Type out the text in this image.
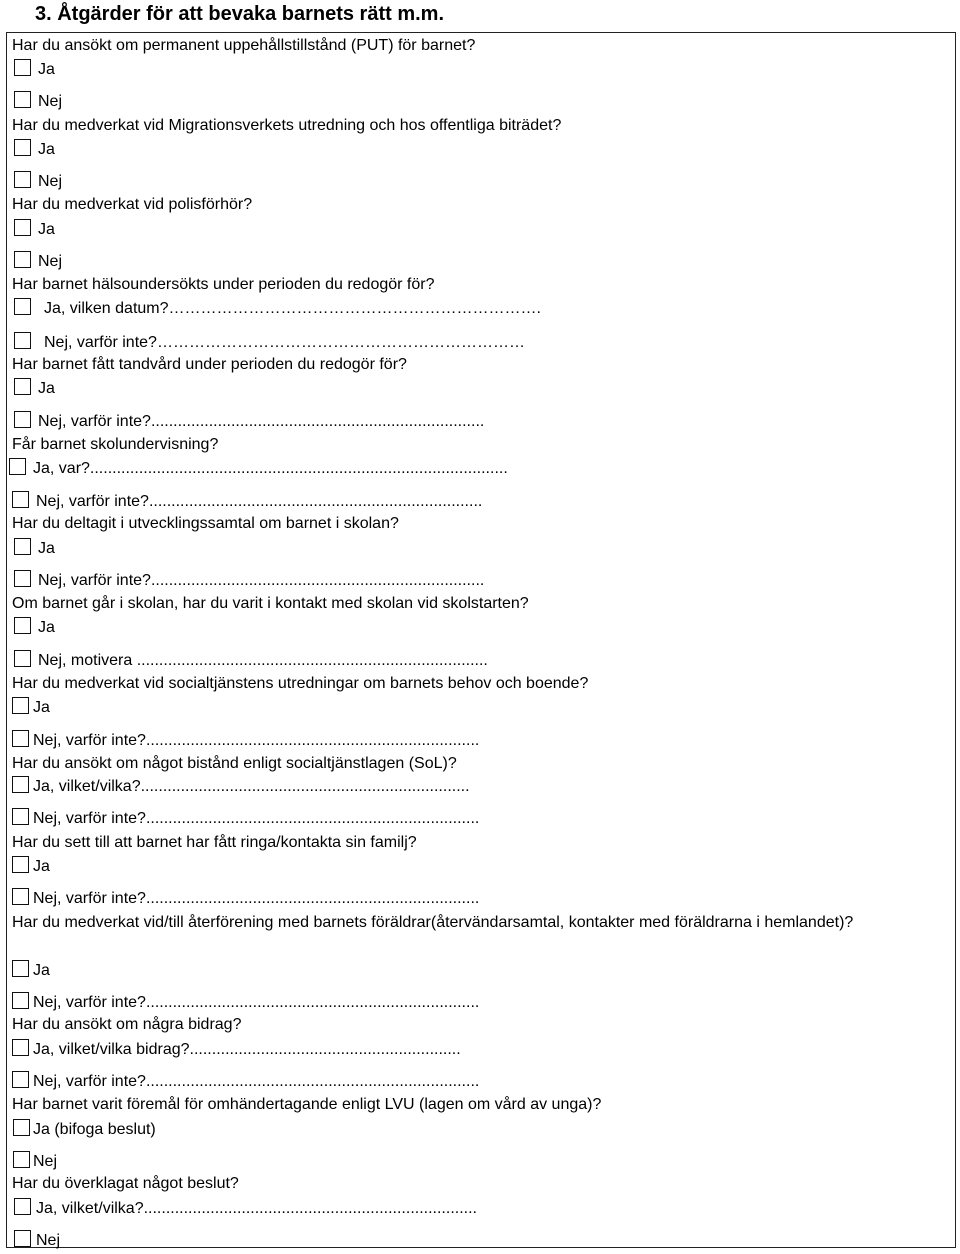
3. Åtgärder för att bevaka barnets rätt m.m.
Har du ansökt om permanent uppehållstillstånd (PUT) för barnet?
Ja
Nej
Har du medverkat vid Migrationsverkets utredning och hos offentliga biträdet?
Ja
Nej
Har du medverkat vid polisförhör?
Ja
Nej
Har barnet hälsoundersökts under perioden du redogör för?
Ja, vilken datum?…………………………………………………………….
Nej, varför inte?……………………………………………………………
Har barnet fått tandvård under perioden du redogör för?
Ja
Nej, varför inte?...........................................................................
Får barnet skolundervisning?
Ja, var?..............................................................................................
Nej, varför inte?...........................................................................
Har du deltagit i utvecklingssamtal om barnet i skolan?
Ja
Nej, varför inte?...........................................................................
Om barnet går i skolan, har du varit i kontakt med skolan vid skolstarten?
Ja
Nej, motivera ...............................................................................
Har du medverkat vid socialtjänstens utredningar om barnets behov och boende?
Ja
Nej, varför inte?...........................................................................
Har du ansökt om något bistånd enligt socialtjänstlagen (SoL)?
Ja, vilket/vilka?..........................................................................
Nej, varför inte?...........................................................................
Har du sett till att barnet har fått ringa/kontakta sin familj?
Ja
Nej, varför inte?...........................................................................
Har du medverkat vid/till återförening med barnets föräldrar(återvändarsamtal, kontakter med föräldrarna i hemlandet)?
Ja
Nej, varför inte?...........................................................................
Har du ansökt om några bidrag?
Ja, vilket/vilka bidrag?.............................................................
Nej, varför inte?...........................................................................
Har barnet varit föremål för omhändertagande enligt LVU (lagen om vård av unga)?
Ja (bifoga beslut)
Nej
Har du överklagat något beslut?
Ja, vilket/vilka?...........................................................................
Nej
